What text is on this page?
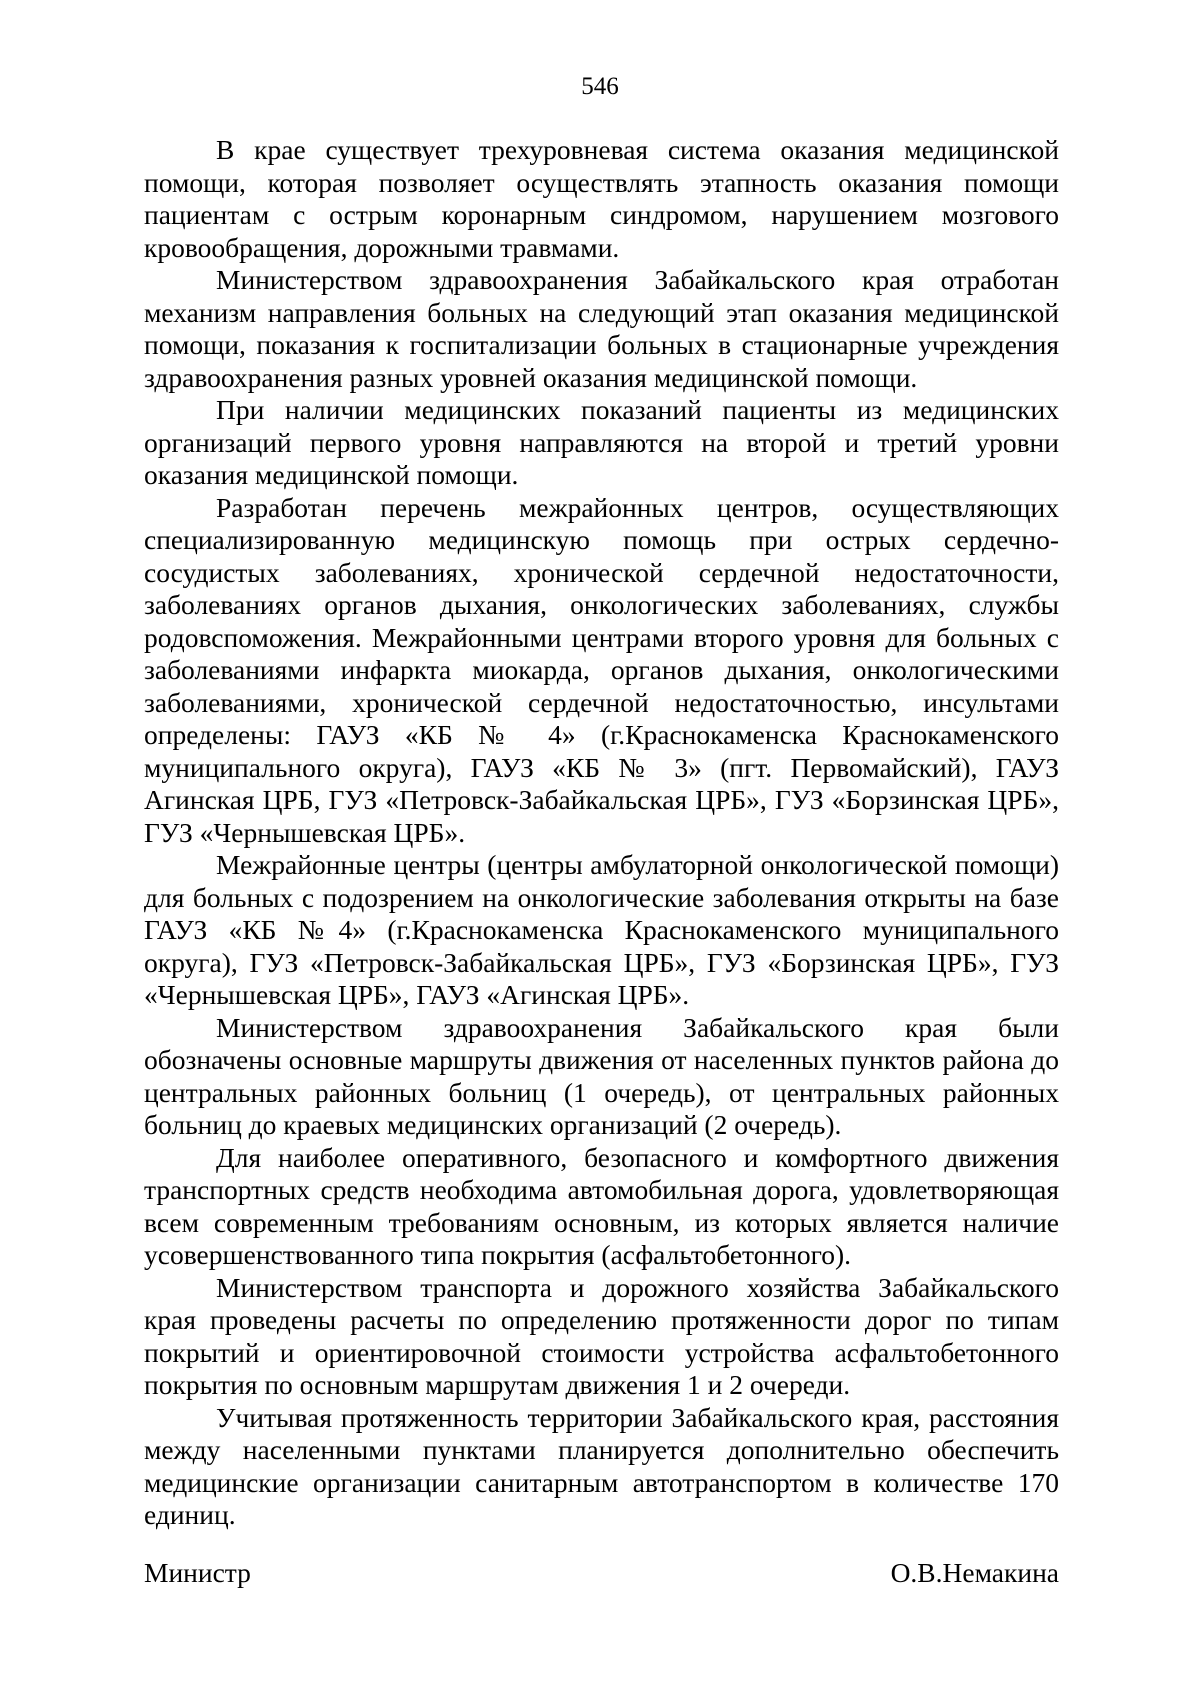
546

В крае существует трехуровневая система оказания медицинской помощи, которая позволяет осуществлять этапность оказания помощи пациентам с острым коронарным синдромом, нарушением мозгового кровообращения, дорожными травмами.

Министерством здравоохранения Забайкальского края отработан механизм направления больных на следующий этап оказания медицинской помощи, показания к госпитализации больных в стационарные учреждения здравоохранения разных уровней оказания медицинской помощи.

При наличии медицинских показаний пациенты из медицинских организаций первого уровня направляются на второй и третий уровни оказания медицинской помощи.

Разработан перечень межрайонных центров, осуществляющих специализированную медицинскую помощь при острых сердечно-сосудистых заболеваниях, хронической сердечной недостаточности, заболеваниях органов дыхания, онкологических заболеваниях, службы родовспоможения. Межрайонными центрами второго уровня для больных с заболеваниями инфаркта миокарда, органов дыхания, онкологическими заболеваниями, хронической сердечной недостаточностью, инсультами определены: ГАУЗ «КБ № 4» (г.Краснокаменска Краснокаменского муниципального округа), ГАУЗ «КБ № 3» (пгт. Первомайский), ГАУЗ Агинская ЦРБ, ГУЗ «Петровск-Забайкальская ЦРБ», ГУЗ «Борзинская ЦРБ», ГУЗ «Чернышевская ЦРБ».

Межрайонные центры (центры амбулаторной онкологической помощи) для больных с подозрением на онкологические заболевания открыты на базе ГАУЗ «КБ №4» (г.Краснокаменска Краснокаменского муниципального округа), ГУЗ «Петровск-Забайкальская ЦРБ», ГУЗ «Борзинская ЦРБ», ГУЗ «Чернышевская ЦРБ», ГАУЗ «Агинская ЦРБ».

Министерством здравоохранения Забайкальского края были обозначены основные маршруты движения от населенных пунктов района до центральных районных больниц (1 очередь), от центральных районных больниц до краевых медицинских организаций (2 очередь).

Для наиболее оперативного, безопасного и комфортного движения транспортных средств необходима автомобильная дорога, удовлетворяющая всем современным требованиям основным, из которых является наличие усовершенствованного типа покрытия (асфальтобетонного).

Министерством транспорта и дорожного хозяйства Забайкальского края проведены расчеты по определению протяженности дорог по типам покрытий и ориентировочной стоимости устройства асфальтобетонного покрытия по основным маршрутам движения 1 и 2 очереди.

Учитывая протяженность территории Забайкальского края, расстояния между населенными пунктами планируется дополнительно обеспечить медицинские организации санитарным автотранспортом в количестве 170 единиц.

Министр	О.В.Немакина
